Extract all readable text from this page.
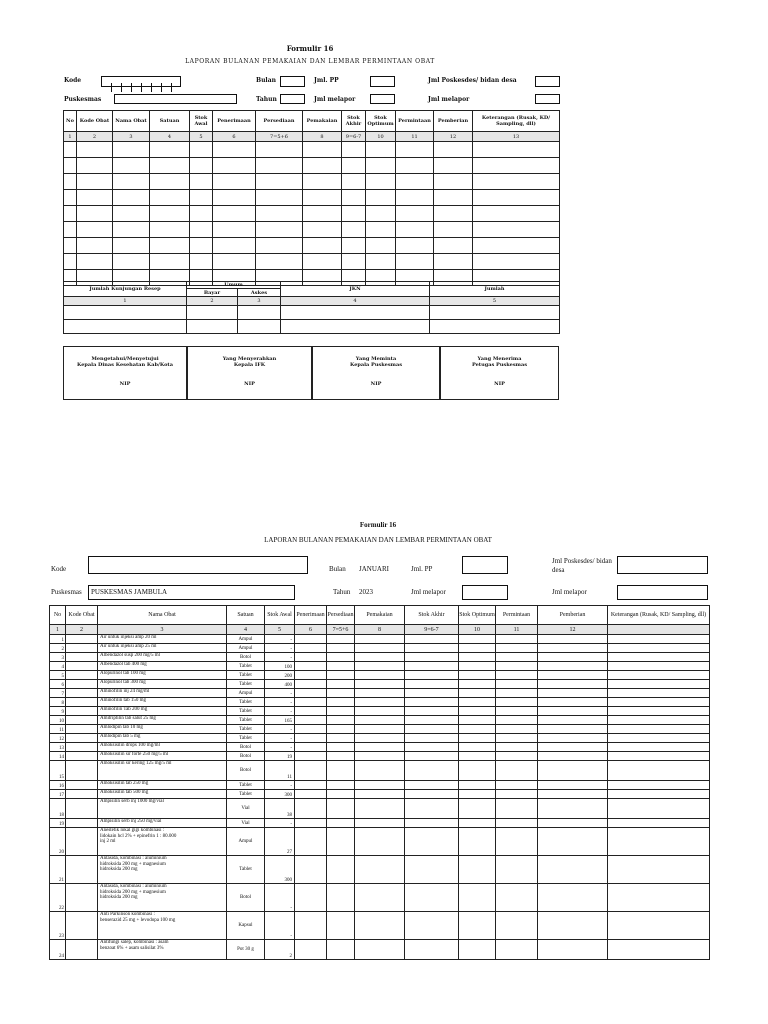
Formulir 16
LAPORAN BULANAN PEMAKAIAN DAN LEMBAR PERMINTAAN OBAT
Kode	Bulan	Jml. PP	Jml Poskesdes/ bidan desa
Puskesmas	Tahun	Jml melapor	Jml melapor
No	Kode Obat	Nama Obat	Satuan	Stok Awal	Penerimaan	Persediaan	Pemakaian	Stok Akhir	Stok Optimum	Permintaan	Pemberian	Keterangan (Rusak, KD/ Sampling, dll)
1	2	3	4	5	6	7=5+6	8	9=6-7	10	11	12	13

Jumlah Kunjungan Resep	Umum		JKN	Jumlah
	Bayar	Askes		
1	2	3	4	5

Mengetahui/Menyetujui
Kepala Dinas Kesehatan Kab/Kota
NIP
Yang Menyerahkan
Kepala IFK
NIP
Yang Meminta
Kepala Puskesmas
NIP
Yang Menerima
Petugas Puskesmas
NIP
Formulir 16
LAPORAN BULANAN PEMAKAIAN DAN LEMBAR PERMINTAAN OBAT
Kode	Bulan JANUARI	Jml. PP
Jml Poskesdes/ bidan desa
Puskesmas PUSKESMAS JAMBULA	Tahun 2023	Jml melapor	Jml melapor
No	Kode Obat	Nama Obat	Satuan	Stok Awal	Penerimaan	Persediaan	Pemakaian	Stok Akhir	Stok Optimum	Permintaan	Pemberian	Keterangan (Rusak, KD/ Sampling, dll)
1	2	3	4	5	6	7=5+6	8	9=6-7	10	11	12	
1		Air untuk injeksi amp 20 ml	Ampul	-								
2		Air untuk injeksi amp 25 ml	Ampul	-								
3		Albendazol susp 200 mg/5 ml	Botol	-								
4		Albendazol tab 400 mg	Tablet	100								
5		Alopurinol tab 100 mg	Tablet	200								
6		Alopurinol tab 300 mg	Tablet	400								
7		Aminofilin inj 24 mg/ml	Ampul	-								
8		Aminofilin tab 150 mg	Tablet	-								
9		Aminofilin Tab 200 mg	Tablet	-								
10		Amitriptilin tab salut 25 mg	Tablet	165								
11		Amlodipin tab 10 mg	Tablet	-								
12		Amlodipin tab 5 mg	Tablet	-								
13		Amoksisilin drops 100 mg/ml	Botol	-								
14		Amoksisilin sir forte 250 mg/5 ml	Botol	19								
15		Amoksisilin sir kering 125 mg/5 ml	Botol	11								
16		Amoksisilin tab 250 mg	Tablet	-								
17		Amoksisilin tab 500 mg	Tablet	300								
18		Ampisilin serb inj 1000 mg/vial	Vial	38								
19		Ampisilin serb inj 250 mg/vial	Vial	-								
20		Anestetik lokal gigi kombinasi :
lidokain hcl 2% + epinefrin 1 : 80.000
inj 2 ml	Ampul	27								
21		Antasida, kombinasi : aluminium
hidroksida 200 mg + magnesium
hidroksida 200 mg	Tablet	300								
22		Antasida, kombinasi : aluminium
hidroksida 200 mg + magnesium
hidroksida 200 mg	Botol	-								
23		Anti Parkinson kombinasi :
benserazid 25 mg + levodopa 100 mg	Kapsul	-								
24		Antifungi salep, kombinasi : asam
benzoat 6% + asam salisilat 3%	Pot 30 g	2								
